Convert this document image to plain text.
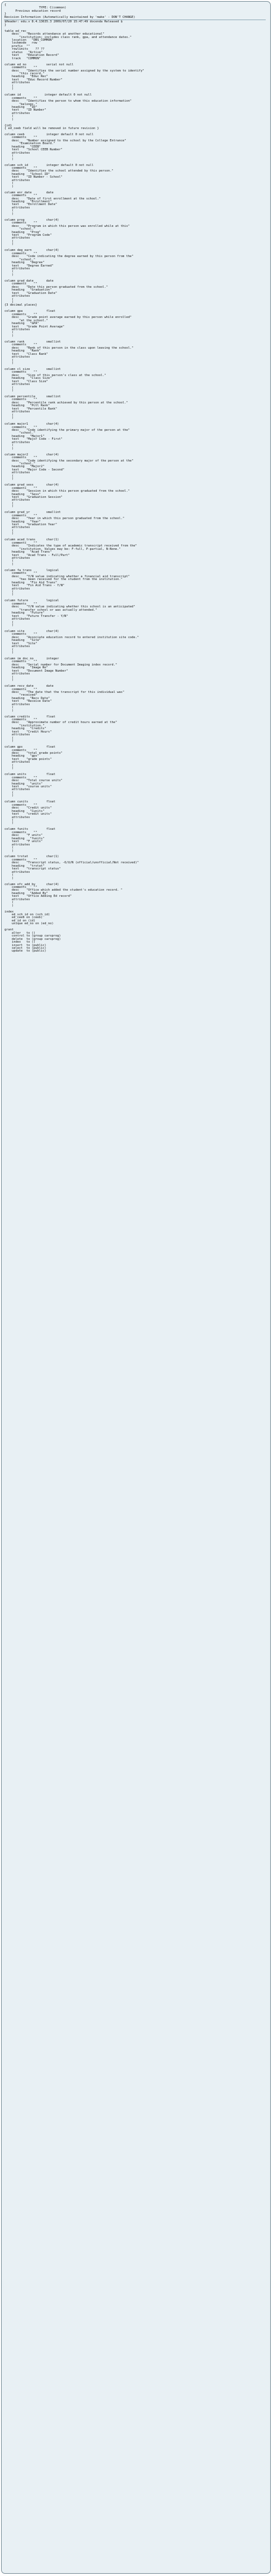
{
TYPE: C(common)
Previous education record
}
Revision Information (Automatically maintained by 'make' - DON'T CHANGE)
$Header: edu.v 8.4.13635.3 2009/07/20 15:47:49 docenda Released $
}
table ed_rec
desc    "Records attendance at another educational"
"institution; includes class rank, gpa, and attendance dates."
location   "DBS_COMMON"
lockmode   row
prefix  ""
rowlimits    ?? ??
status   "Active"
text    "Education Record"
track   "COMMON"
column ed_no           serial not null
comments    ""
desc    "Identifies the serial number assigned by the system to identify"
"this record."
heading   "Educ Rec"
text    "Educ Record Number"
attributes
(
)
column id             integer default 0 not null
comments    ""
desc    "Identifies the person to whom this education information"
"belongs."
heading   "ID"
text    "ID Number"
attributes
(
)
{id}
{ ed_ceeb field will be removed in future revision }
column ceeb            integer default 0 not null
comments    ""
desc    "Number assigned to the school by the College Entrance"
"Examination Board."
heading   "CEEB"
text    "School CEEB Number"
attributes
(
)
column sch_id          integer default 0 not null
comments    ""
desc    "Identifies the school attended by this person."
heading   "School ID"
text    "ID Number - School"
attributes
(
)
column enr_date        date
comments    ""
desc    "Date of first enrollment at the school."
heading   "Enrollment"
text    "Enrollment Date"
attributes
(
)
column prog            char(4)
comments    ""
desc    "Program in which this person was enrolled while at this"
"school."
heading   "Prog"
text    "Program Code"
attributes
(
)
column deg_earn        char(4)
comments    ""
desc    "Code indicating the degree earned by this person from the"
"school."
heading   "Degree"
text    "Degree Earned"
attributes
(
)
column grad_date       date
comments    ""
desc    "Date this person graduated from the school."
heading   "Graduation"
text    "Graduation Date"
attributes
(
)
{3 decimal places}
column gpa             float
comments    ""
desc    "Grade point average earned by this person while enrolled"
"at the school."
heading   "GPA"
text    "Grade Point Average"
attributes
(
)
column rank            smallint
comments    ""
desc    "Rank of this person in the class upon leaving the school."
heading   "Rank"
text    "Class Rank"
attributes
(
)
column cl_size         smallint
comments    ""
desc    "Size of this person's class at the school."
heading   "Class Size"
text    "Class Size"
attributes
(
)
column percentile      smallint
comments    ""
desc    "Percentile rank achieved by this person at the school."
heading   "Pctl Rank"
text    "Percentile Rank"
attributes
(
)
column major1          char(4)
comments    ""
desc    "Code identifying the primary major of the person at the"
"school."
heading   "Major1"
text    "Major Code - First"
attributes
(
)
column major2          char(4)
comments    ""
desc    "Code identifying the secondary major of the person at the"
"school."
heading   "Major2"
text    "Major Code - Second"
attributes
(
)
column grad_sess       char(4)
comments    ""
desc    "Session in which this person graduated from the school."
heading   "Sess"
text    "Graduation Session"
attributes
(
)
column grad_yr         smallint
comments    ""
desc    "Year in which this person graduated from the school."
heading   "Year"
text    "Graduation Year"
attributes
(
)
column acad_trans      char(1)
comments    ""
desc    "Indicates the type of academic transcript received from the"
"institution. Values may be: F-full, P-partial, N-None."
heading   "Acad Trans"
text    "Acad Trans - Full/Part"
attributes
(
)
column fa_trans        logical
comments    ""
desc    "Y/N value indicating whether a financial aid transcript"
"has been received for the student from the institution."
heading   "Fin Aid Trans"
text    "Fin Aid Trans - Y/N"
attributes
(
)
column future          logical
comments    ""
desc    "Y/N value indicating whether this school is an anticipated"
"transfer school or was actually attended."
heading   "Future"
text    "Future Transfer - Y/N"
attributes
(
)
column site            char(4)
comments    ""
desc    "Associate education record to entered institution site code."
heading   "Site"
text    "Site"
attributes
(
)
column im_doc_no       integer
comments    ""
desc    "Serial number for Document Imaging index record."
heading   "Image No"
text    "Document Image Number"
attributes
(
)
column recv_date       date
comments    ""
desc    "The date that the transcript for this individual was"
"received"
heading   "Recv Date"
text    "Receive Date"
attributes
(
)
column credits         float
comments    ""
desc    "Approximate number of credit hours earned at the"
"institution."
heading   "Credits"
text    "Credit Hours"
attributes
(
)
column gps             float
comments    ""
desc    "total grade points"
heading   "gps"
text    "grade points"
attributes
(
)
column units           float
comments    ""
desc    "Total course units"
heading   "units"
text    "course units"
attributes
(
)
column cunits          float
comments    ""
desc    "Credit units"
heading   "Cunits"
text    "credit units"
attributes
(
)
column funits          float
comments    ""
desc    "F units"
heading   "funits"
text    "F units"
attributes
(
)
column trstat          char(1)
comments    ""
desc    "Transcript status, -O/U/N (official/unofficial/Not received)"
heading   "trstat"
text    "transcript status"
attributes
(
)
column ofc_add_by      char(4)
comments    ""
desc    "Office which added the student's education record. "
heading   "Added By"
text    "Office Adding Ed record"
attributes
(
)
index
ed_sch_id on (sch_id)
ed_ceeb on (ceeb)
ed_id on (id)
unique ed_no on (ed_no)
grant
alter   to ()
control to (group carsprog)
delete  to (group carsprog)
index   to ()
insert  to (public)
select  to (public)
update  to (public)
